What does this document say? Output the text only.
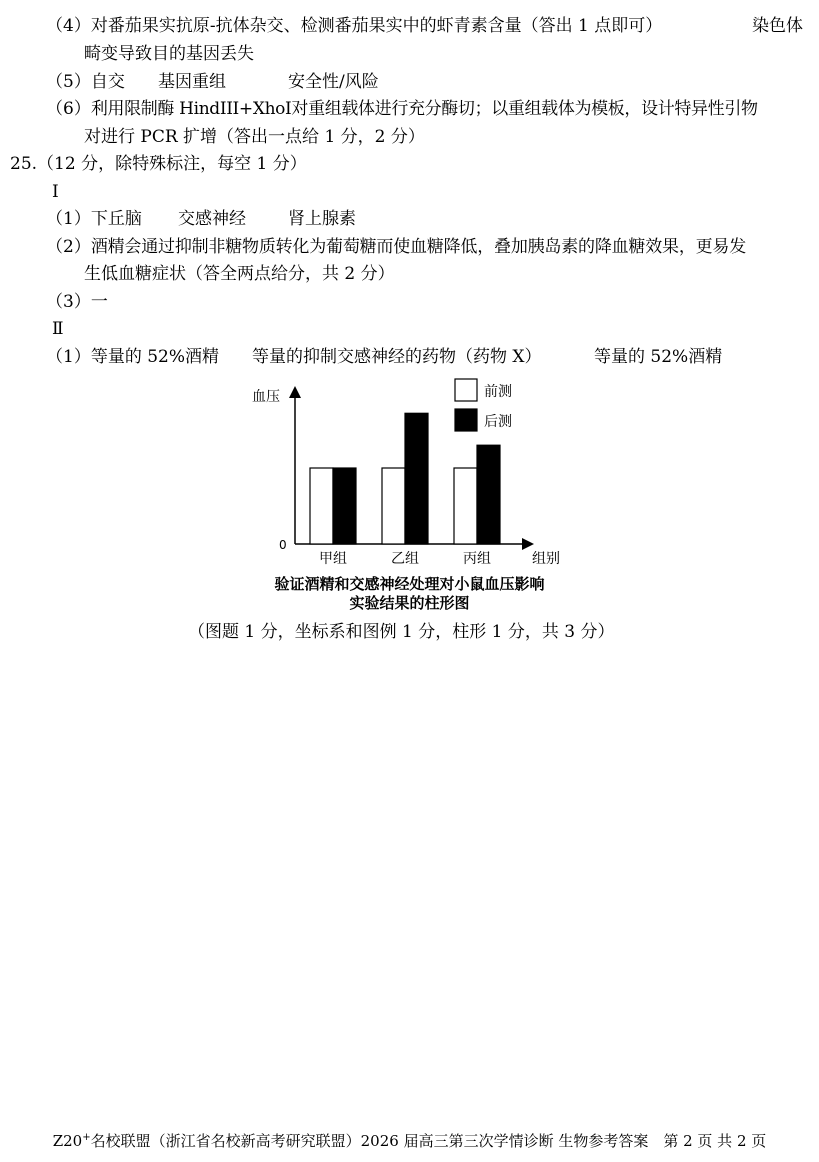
（4）对番茄果实抗原-抗体杂交、检测番茄果实中的虾青素含量（答出 1 点即可）	染色体
畸变导致目的基因丢失
（5）自交 基因重组	安全性/风险
（6）利用限制酶 HindIII+XhoI对重组载体进行充分酶切；以重组载体为模板，设计特异性引物
对进行 PCR 扩增（答出一点给 1 分，2 分）
25.（12 分，除特殊标注，每空 1 分）
Ⅰ
（1）下丘脑 交感神经 肾上腺素
（2）酒精会通过抑制非糖物质转化为葡萄糖而使血糖降低，叠加胰岛素的降血糖效果，更易发
生低血糖症状（答全两点给分，共 2 分）
（3）一
Ⅱ
（1）等量的 52%酒精 等量的抑制交感神经的药物（药物 X）	等量的 52%酒精
血压
0
组别
甲组	乙组	丙组
前测
后测
验证酒精和交感神经处理对小鼠血压影响
实验结果的柱形图
（图题 1 分，坐标系和图例 1 分，柱形 1 分，共 3 分）
Z20+名校联盟（浙江省名校新高考研究联盟）2026 届高三第三次学情诊断 生物参考答案　第 2 页 共 2 页
